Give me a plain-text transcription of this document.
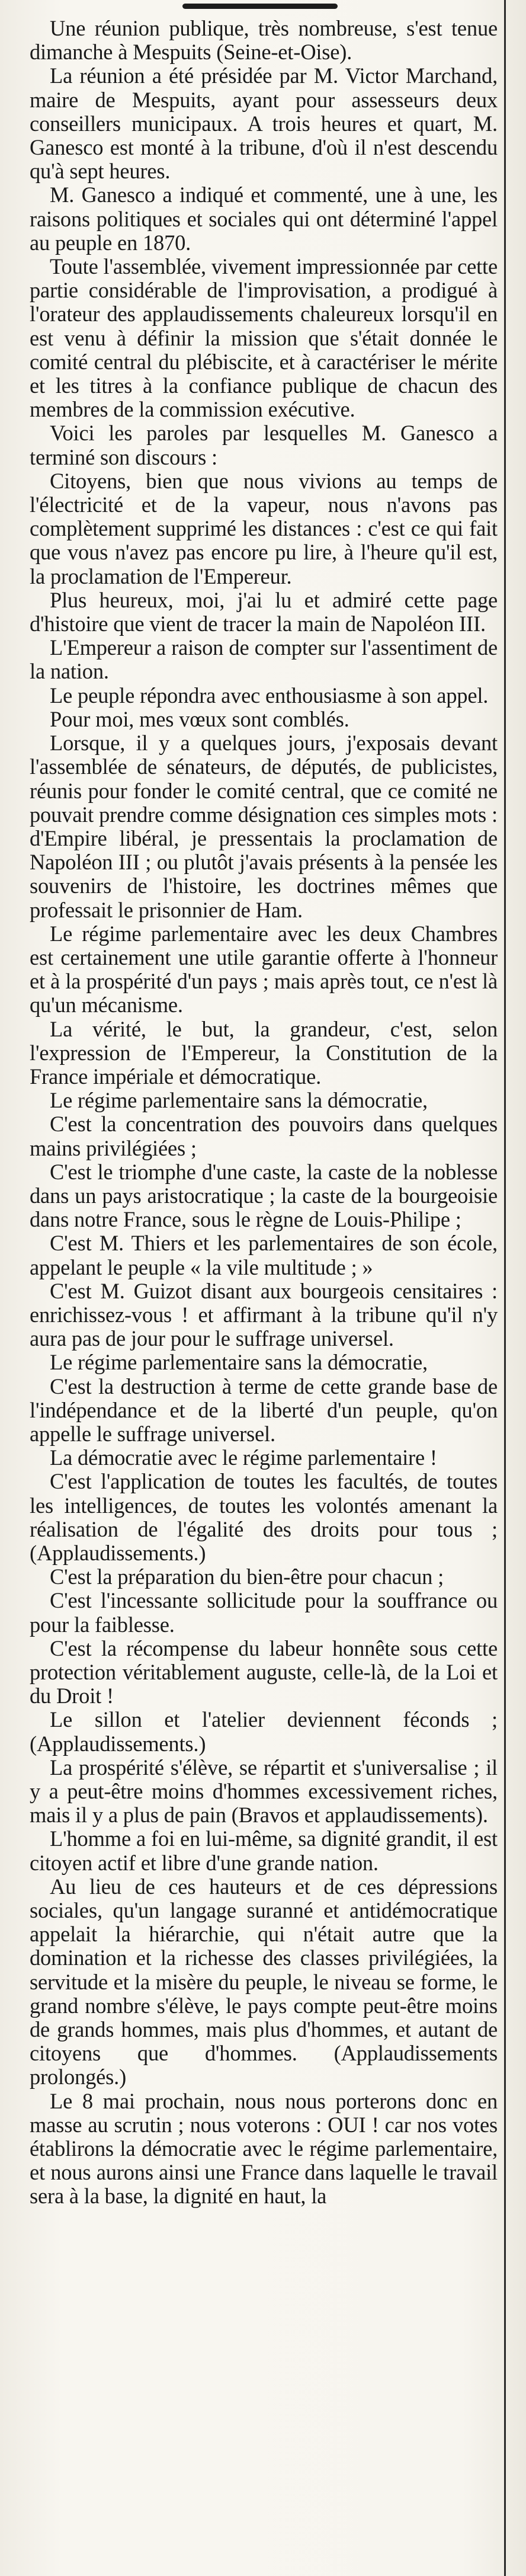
Une réunion publique, très nombreuse, s'est tenue dimanche à Mespuits (Seine-et-Oise).

La réunion a été présidée par M. Victor Marchand, maire de Mespuits, ayant pour assesseurs deux conseillers municipaux. A trois heures et quart, M. Ganesco est monté à la tribune, d'où il n'est descendu qu'à sept heures.

M. Ganesco a indiqué et commenté, une à une, les raisons politiques et sociales qui ont déterminé l'appel au peuple en 1870.

Toute l'assemblée, vivement impressionnée par cette partie considérable de l'improvisation, a prodigué à l'orateur des applaudissements chaleureux lorsqu'il en est venu à définir la mission que s'était donnée le comité central du plébiscite, et à caractériser le mérite et les titres à la confiance publique de chacun des membres de la commission exécutive.

Voici les paroles par lesquelles M. Ganesco a terminé son discours :

Citoyens, bien que nous vivions au temps de l'électricité et de la vapeur, nous n'avons pas complètement supprimé les distances : c'est ce qui fait que vous n'avez pas encore pu lire, à l'heure qu'il est, la proclamation de l'Empereur.

Plus heureux, moi, j'ai lu et admiré cette page d'histoire que vient de tracer la main de Napoléon III.

L'Empereur a raison de compter sur l'assentiment de la nation.

Le peuple répondra avec enthousiasme à son appel.

Pour moi, mes vœux sont comblés.

Lorsque, il y a quelques jours, j'exposais devant l'assemblée de sénateurs, de députés, de publicistes, réunis pour fonder le comité central, que ce comité ne pouvait prendre comme désignation ces simples mots : d'Empire libéral, je pressentais la proclamation de Napoléon III ; ou plutôt j'avais présents à la pensée les souvenirs de l'histoire, les doctrines mêmes que professait le prisonnier de Ham.

Le régime parlementaire avec les deux Chambres est certainement une utile garantie offerte à l'honneur et à la prospérité d'un pays ; mais après tout, ce n'est là qu'un mécanisme.

La vérité, le but, la grandeur, c'est, selon l'expression de l'Empereur, la Constitution de la France impériale et démocratique.

Le régime parlementaire sans la démocratie,

C'est la concentration des pouvoirs dans quelques mains privilégiées ;

C'est le triomphe d'une caste, la caste de la noblesse dans un pays aristocratique ; la caste de la bourgeoisie dans notre France, sous le règne de Louis-Philipe ;

C'est M. Thiers et les parlementaires de son école, appelant le peuple « la vile multitude ; »

C'est M. Guizot disant aux bourgeois censitaires : enrichissez-vous ! et affirmant à la tribune qu'il n'y aura pas de jour pour le suffrage universel.

Le régime parlementaire sans la démocratie,

C'est la destruction à terme de cette grande base de l'indépendance et de la liberté d'un peuple, qu'on appelle le suffrage universel.

La démocratie avec le régime parlementaire !

C'est l'application de toutes les facultés, de toutes les intelligences, de toutes les volontés amenant la réalisation de l'égalité des droits pour tous ; (Applaudissements.)

C'est la préparation du bien-être pour chacun ;

C'est l'incessante sollicitude pour la souffrance ou pour la faiblesse.

C'est la récompense du labeur honnête sous cette protection véritablement auguste, celle-là, de la Loi et du Droit !

Le sillon et l'atelier deviennent féconds ; (Applaudissements.)

La prospérité s'élève, se répartit et s'universalise ; il y a peut-être moins d'hommes excessivement riches, mais il y a plus de pain (Bravos et applaudissements).

L'homme a foi en lui-même, sa dignité grandit, il est citoyen actif et libre d'une grande nation.

Au lieu de ces hauteurs et de ces dépressions sociales, qu'un langage suranné et antidémocratique appelait la hiérarchie, qui n'était autre que la domination et la richesse des classes privilégiées, la servitude et la misère du peuple, le niveau se forme, le grand nombre s'élève, le pays compte peut-être moins de grands hommes, mais plus d'hommes, et autant de citoyens que d'hommes. (Applaudissements prolongés.)

Le 8 mai prochain, nous nous porterons donc en masse au scrutin ; nous voterons : OUI ! car nos votes établirons la démocratie avec le régime parlementaire, et nous aurons ainsi une France dans laquelle le travail sera à la base, la dignité en haut, la
